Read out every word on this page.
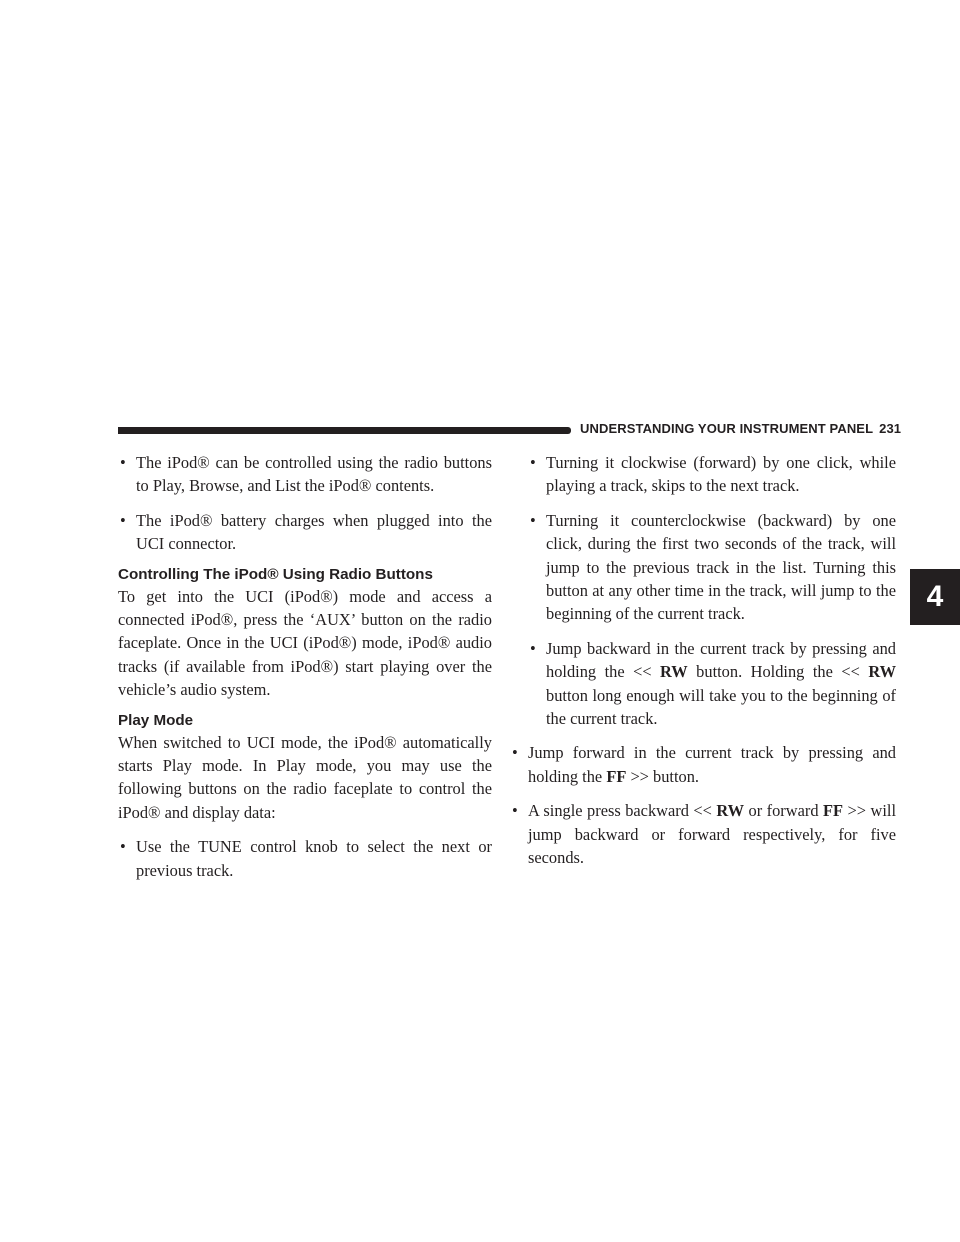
UNDERSTANDING YOUR INSTRUMENT PANEL 231
4
• The iPod® can be controlled using the radio buttons to Play, Browse, and List the iPod® contents.
• The iPod® battery charges when plugged into the UCI connector.
Controlling The iPod® Using Radio Buttons
To get into the UCI (iPod®) mode and access a connected iPod®, press the ‘AUX’ button on the radio faceplate. Once in the UCI (iPod®) mode, iPod® audio tracks (if available from iPod®) start playing over the vehicle’s audio system.
Play Mode
When switched to UCI mode, the iPod® automatically starts Play mode. In Play mode, you may use the following buttons on the radio faceplate to control the iPod® and display data:
• Use the TUNE control knob to select the next or previous track.
• Turning it clockwise (forward) by one click, while playing a track, skips to the next track.
• Turning it counterclockwise (backward) by one click, during the first two seconds of the track, will jump to the previous track in the list. Turning this button at any other time in the track, will jump to the beginning of the current track.
• Jump backward in the current track by pressing and holding the << RW button. Holding the << RW button long enough will take you to the beginning of the current track.
• Jump forward in the current track by pressing and holding the FF >> button.
• A single press backward << RW or forward FF >> will jump backward or forward respectively, for five seconds.
